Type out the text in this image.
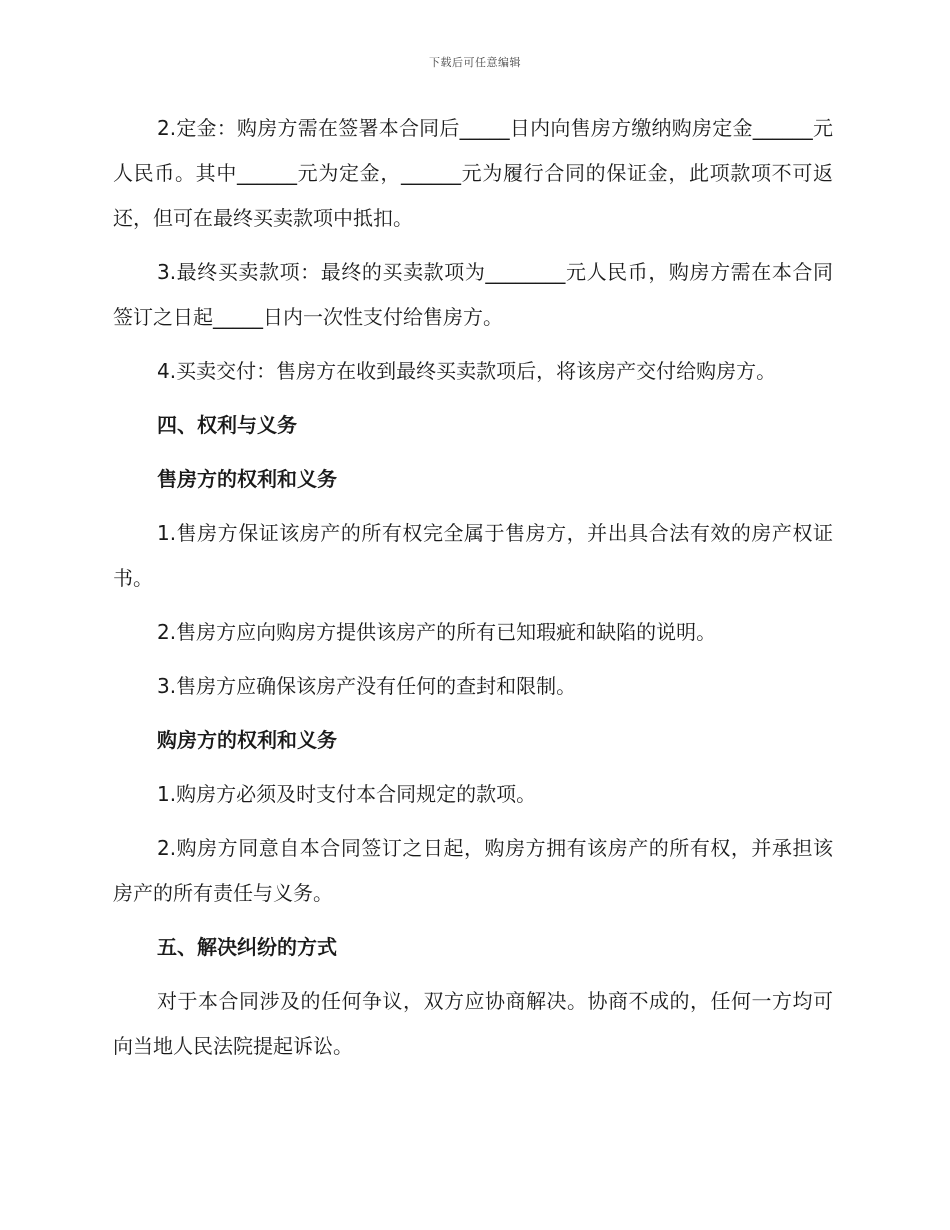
下载后可任意编辑

2.定金：购房方需在签署本合同后_____日内向售房方缴纳购房定金______元人民币。其中______元为定金，______元为履行合同的保证金，此项款项不可返还，但可在最终买卖款项中抵扣。

3.最终买卖款项：最终的买卖款项为________元人民币，购房方需在本合同签订之日起_____日内一次性支付给售房方。

4.买卖交付：售房方在收到最终买卖款项后，将该房产交付给购房方。

四、权利与义务

售房方的权利和义务

1.售房方保证该房产的所有权完全属于售房方，并出具合法有效的房产权证书。

2.售房方应向购房方提供该房产的所有已知瑕疵和缺陷的说明。

3.售房方应确保该房产没有任何的查封和限制。

购房方的权利和义务

1.购房方必须及时支付本合同规定的款项。

2.购房方同意自本合同签订之日起，购房方拥有该房产的所有权，并承担该房产的所有责任与义务。

五、解决纠纷的方式

对于本合同涉及的任何争议，双方应协商解决。协商不成的，任何一方均可向当地人民法院提起诉讼。
